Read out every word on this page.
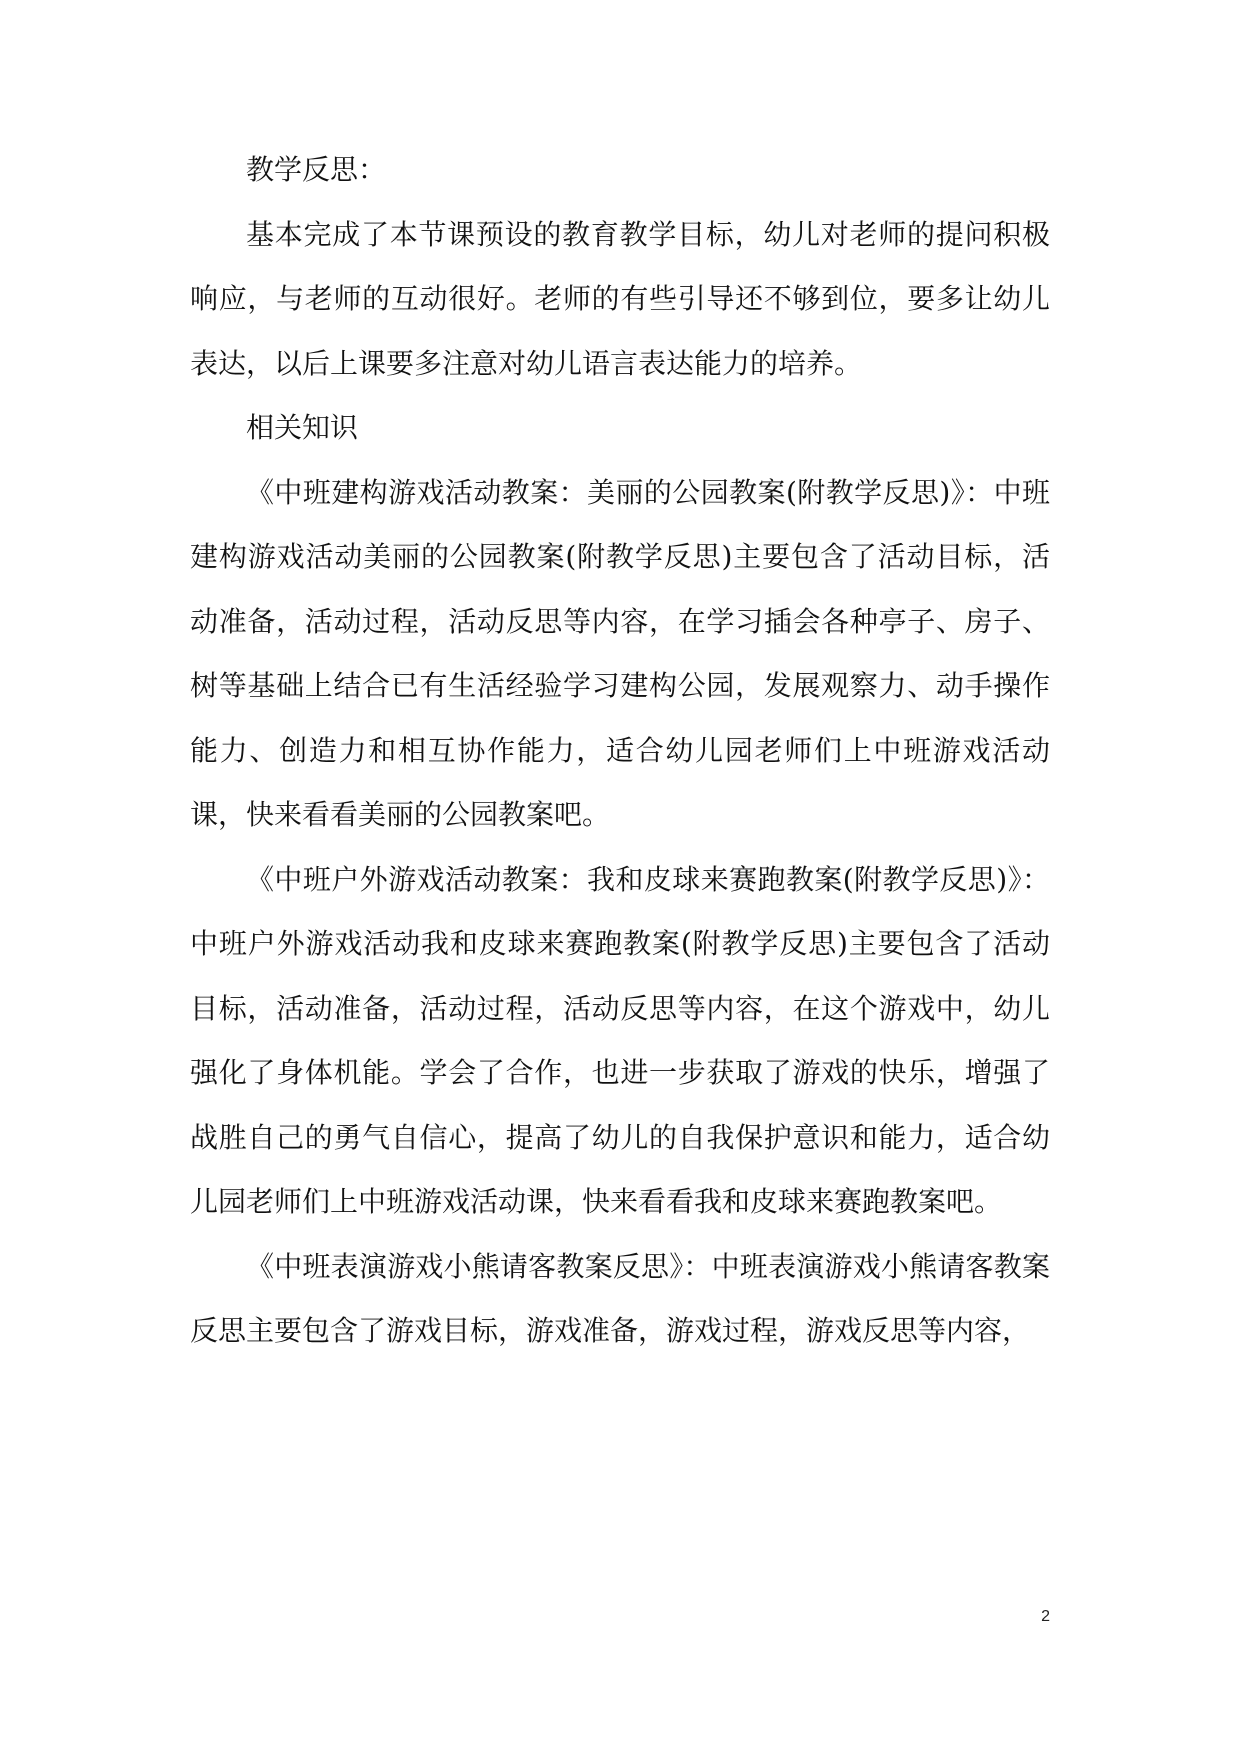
教学反思：

基本完成了本节课预设的教育教学目标，幼儿对老师的提问积极响应，与老师的互动很好。老师的有些引导还不够到位，要多让幼儿表达，以后上课要多注意对幼儿语言表达能力的培养。

相关知识

《中班建构游戏活动教案：美丽的公园教案(附教学反思)》：中班建构游戏活动美丽的公园教案(附教学反思)主要包含了活动目标，活动准备，活动过程，活动反思等内容，在学习插会各种亭子、房子、树等基础上结合已有生活经验学习建构公园，发展观察力、动手操作能力、创造力和相互协作能力，适合幼儿园老师们上中班游戏活动课，快来看看美丽的公园教案吧。

《中班户外游戏活动教案：我和皮球来赛跑教案(附教学反思)》：中班户外游戏活动我和皮球来赛跑教案(附教学反思)主要包含了活动目标，活动准备，活动过程，活动反思等内容，在这个游戏中，幼儿强化了身体机能。学会了合作，也进一步获取了游戏的快乐，增强了战胜自己的勇气自信心，提高了幼儿的自我保护意识和能力，适合幼儿园老师们上中班游戏活动课，快来看看我和皮球来赛跑教案吧。

《中班表演游戏小熊请客教案反思》：中班表演游戏小熊请客教案反思主要包含了游戏目标，游戏准备，游戏过程，游戏反思等内容，

2
